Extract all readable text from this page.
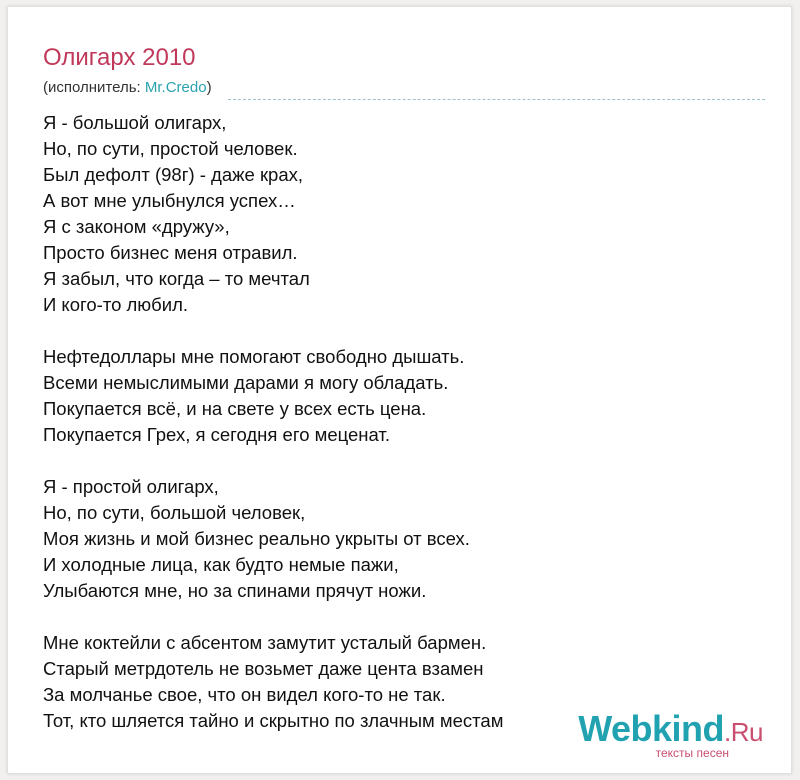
Олигарх 2010
(исполнитель: Mr.Credo)
Я - большой олигарх,
Но, по сути, простой человек.
Был дефолт (98г) - даже крах,
А вот мне улыбнулся успех…
Я с законом «дружу»,
Просто бизнес меня отравил.
Я забыл, что когда – то мечтал
И кого-то любил.
Нефтедоллары мне помогают свободно дышать.
Всеми немыслимыми дарами я могу обладать.
Покупается всё, и на свете у всех есть цена.
Покупается Грех, я сегодня его меценат.
Я - простой олигарх,
Но, по сути, большой человек,
Моя жизнь и мой бизнес реально укрыты от всех.
И холодные лица, как будто немые пажи,
Улыбаются мне, но за спинами прячут ножи.
Мне коктейли с абсентом замутит усталый бармен.
Старый метрдотель не возьмет даже цента взамен
За молчанье свое, что он видел кого-то не так.
Тот, кто шляется тайно и скрытно по злачным местам	Webkind.Ru
тексты песен
